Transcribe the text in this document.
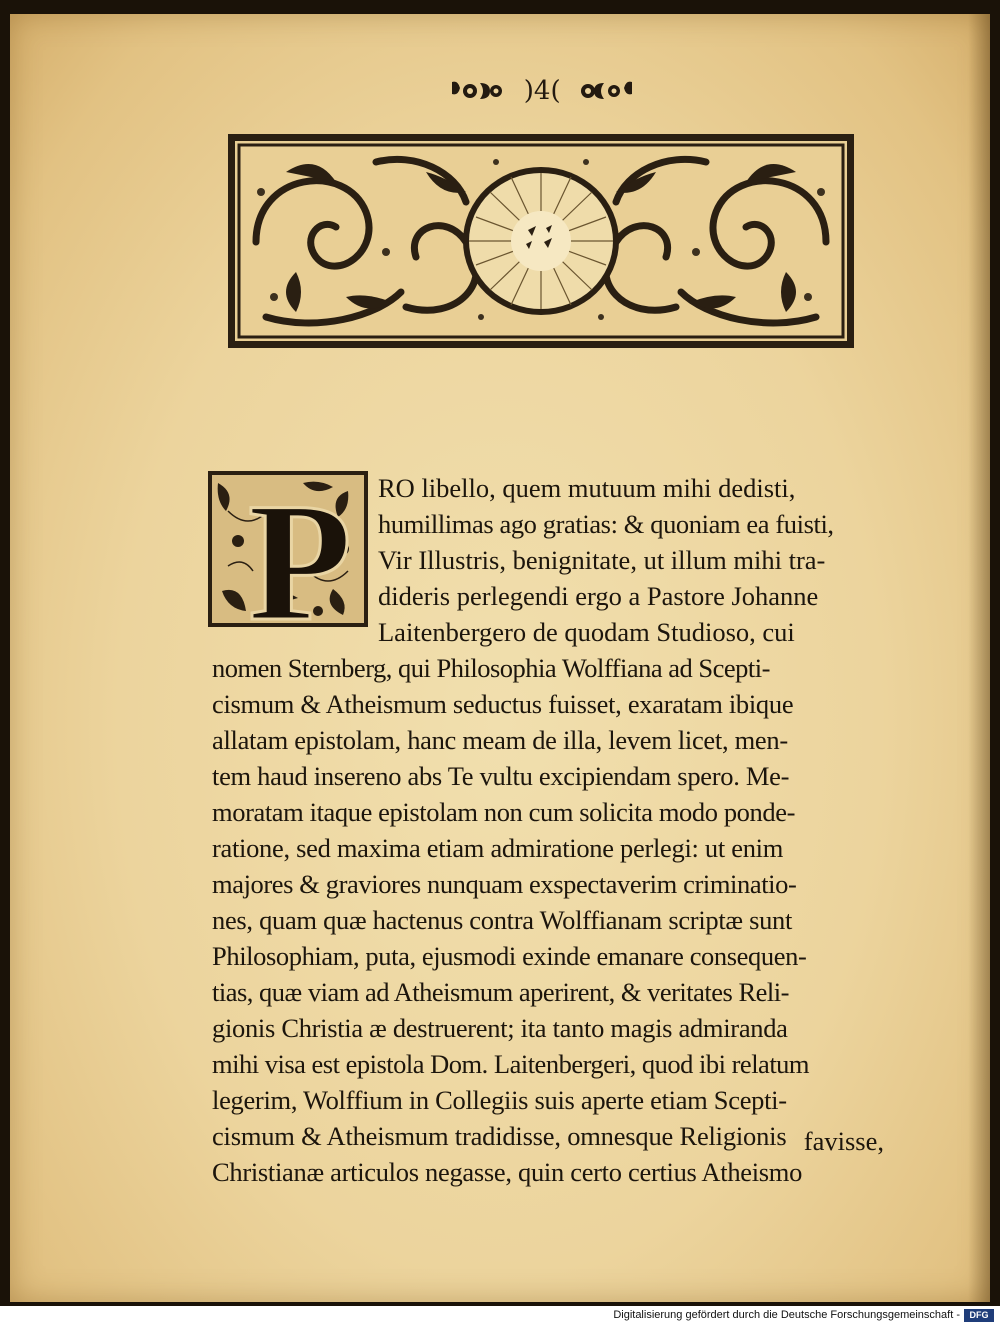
)4(
P RO libello, quem mutuum mihi dedisti,
humillimas ago gratias: & quoniam ea fuisti,
Vir Illustris, benignitate, ut illum mihi tra-
dideris perlegendi ergo a Pastore Johanne
Laitenbergero de quodam Studioso, cui
nomen Sternberg, qui Philosophia Wolffiana ad Scepti-
cismum & Atheismum seductus fuisset, exaratam ibique
allatam epistolam, hanc meam de illa, levem licet, men-
tem haud insereno abs Te vultu excipiendam spero. Me-
moratam itaque epistolam non cum solicita modo ponde-
ratione, sed maxima etiam admiratione perlegi: ut enim
majores & graviores nunquam exspectaverim criminatio-
nes, quam quæ hactenus contra Wolffianam scriptæ sunt
Philosophiam, puta, ejusmodi exinde emanare consequen-
tias, quæ viam ad Atheismum aperirent, & veritates Reli-
gionis Christia æ destruerent; ita tanto magis admiranda
mihi visa est epistola Dom. Laitenbergeri, quod ibi relatum
legerim, Wolffium in Collegiis suis aperte etiam Scepti-
cismum & Atheismum tradidisse, omnesque Religionis
Christianæ articulos negasse, quin certo certius Atheismo
favisse,
Digitalisierung gefördert durch die Deutsche Forschungsgemeinschaft -	DFG
